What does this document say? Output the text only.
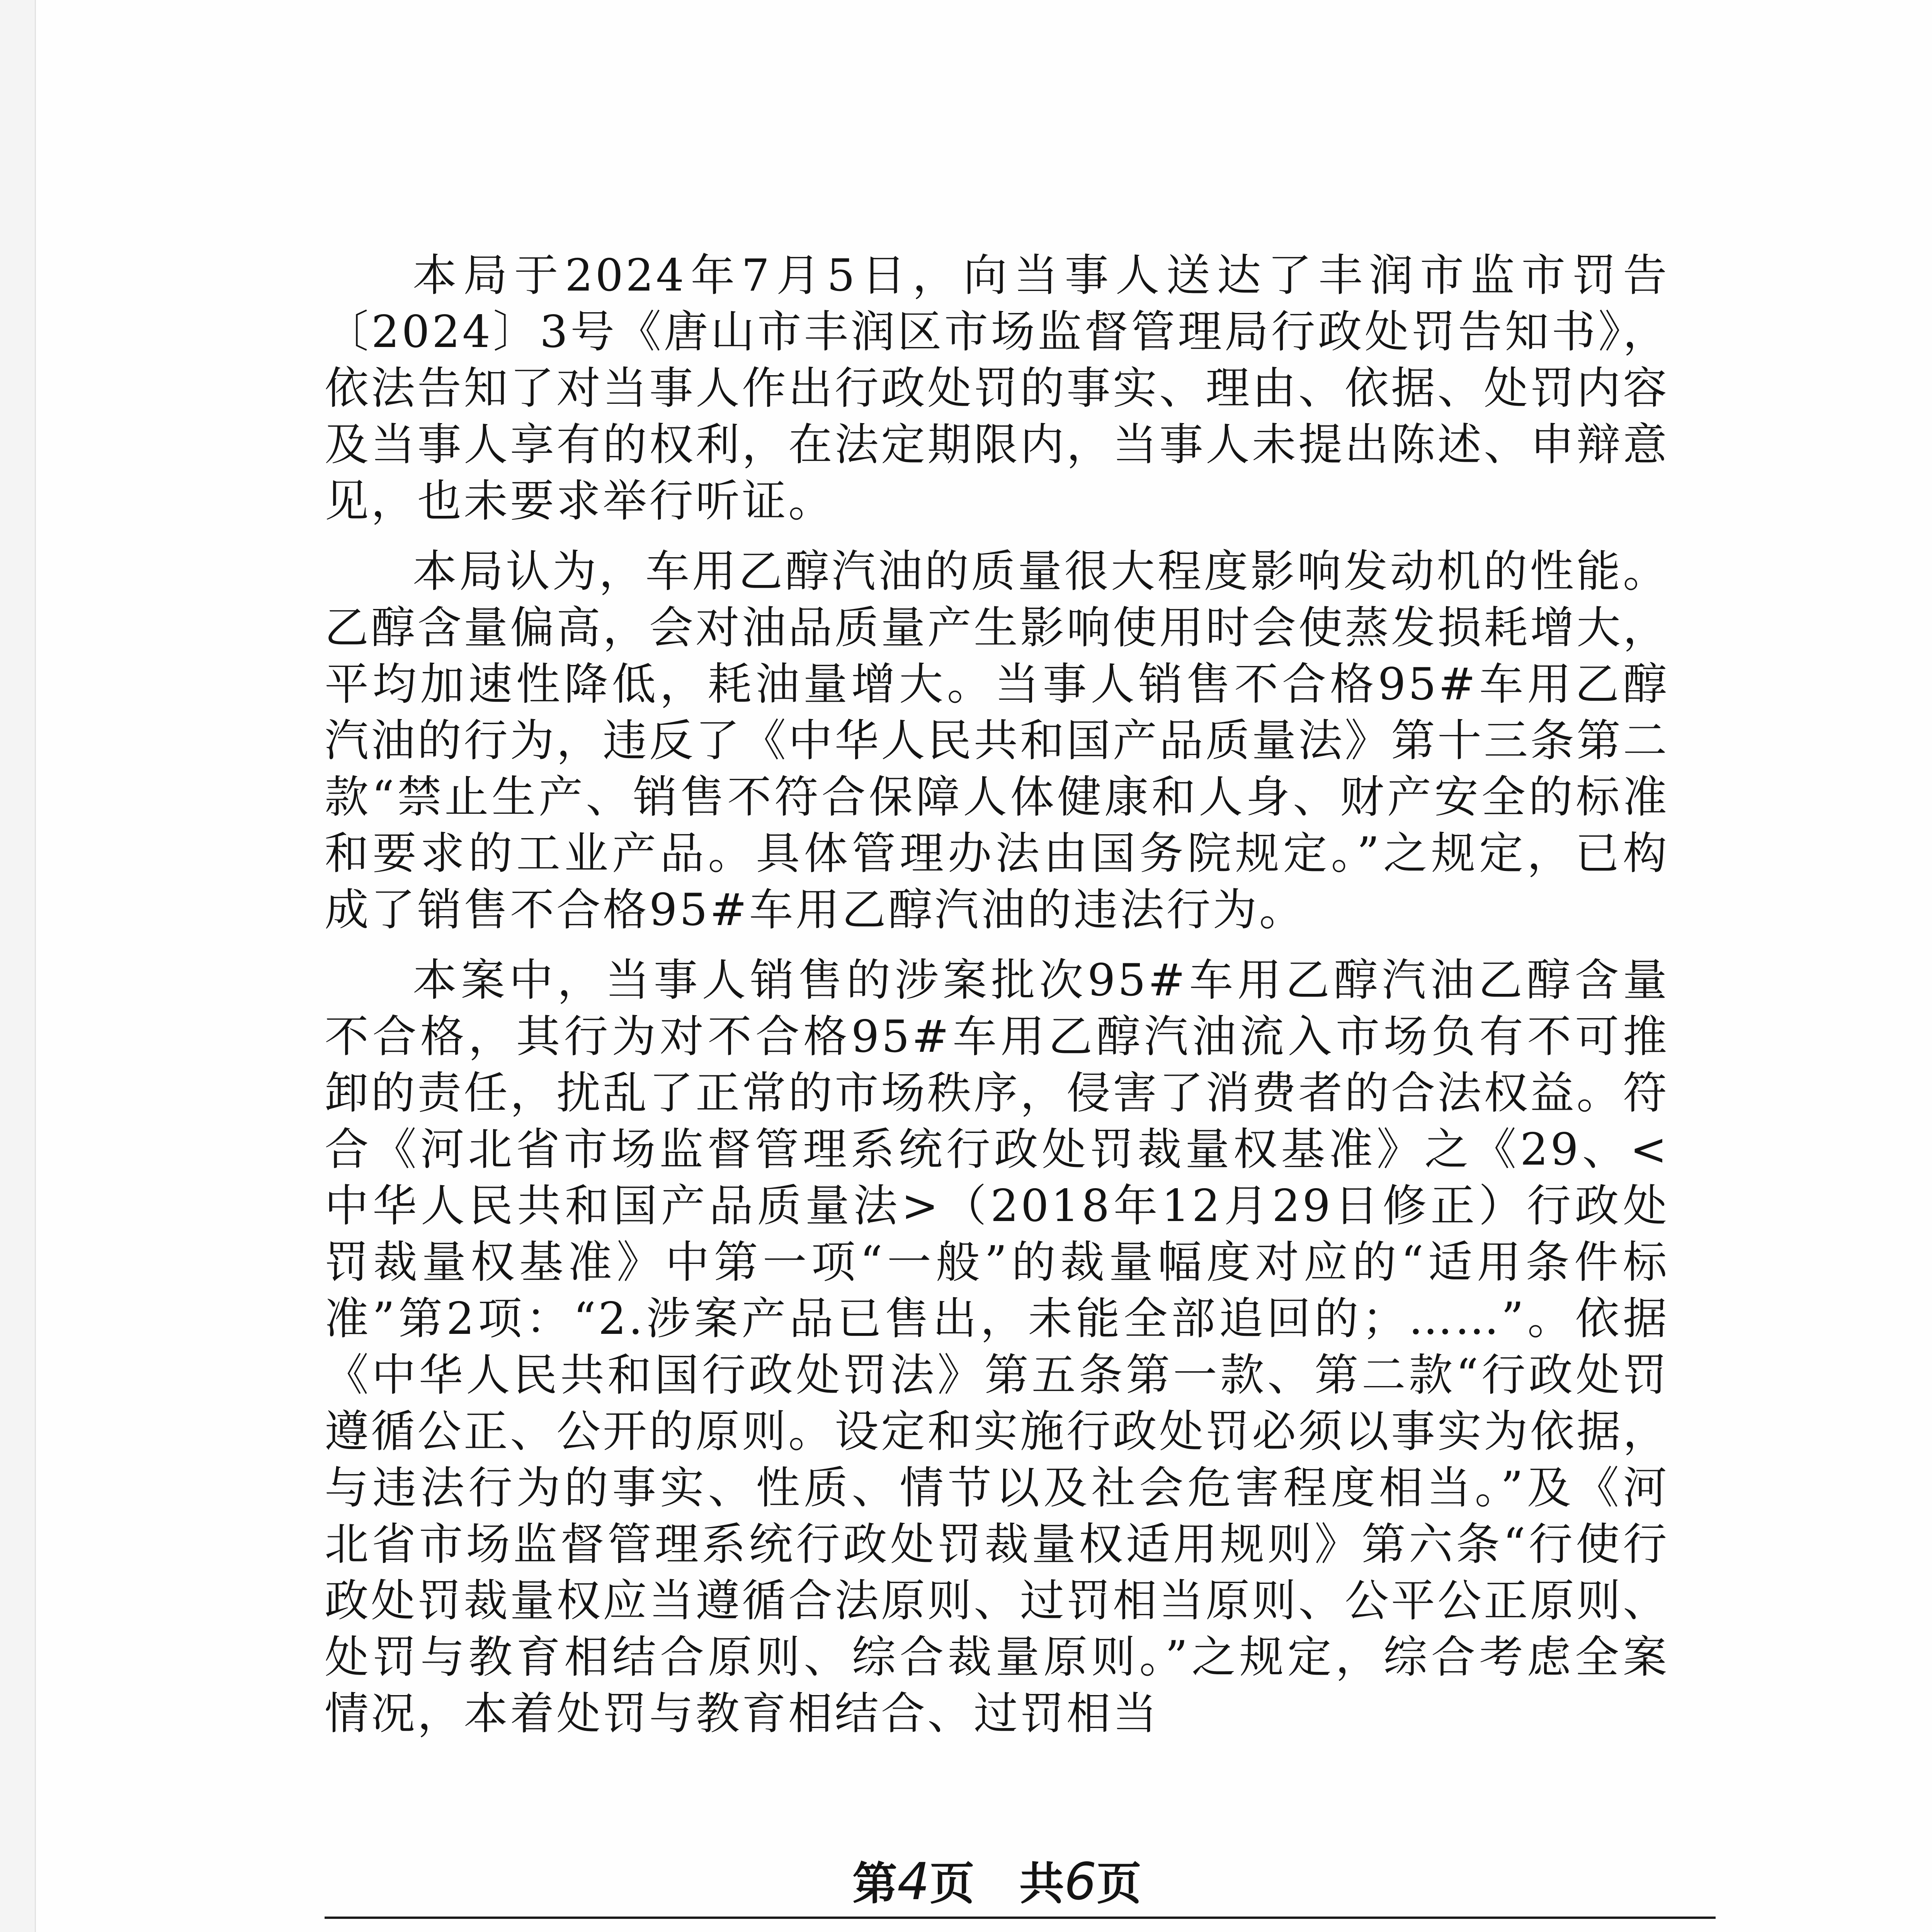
本局于2024年7月5日，向当事人送达了丰润市监市罚告〔2024〕3号《唐山市丰润区市场监督管理局行政处罚告知书》，依法告知了对当事人作出行政处罚的事实、理由、依据、处罚内容及当事人享有的权利，在法定期限内，当事人未提出陈述、申辩意见，也未要求举行听证。

本局认为，车用乙醇汽油的质量很大程度影响发动机的性能。乙醇含量偏高，会对油品质量产生影响使用时会使蒸发损耗增大，平均加速性降低，耗油量增大。当事人销售不合格95#车用乙醇汽油的行为，违反了《中华人民共和国产品质量法》第十三条第二款“禁止生产、销售不符合保障人体健康和人身、财产安全的标准和要求的工业产品。具体管理办法由国务院规定。”之规定，已构成了销售不合格95#车用乙醇汽油的违法行为。

本案中，当事人销售的涉案批次95#车用乙醇汽油乙醇含量不合格，其行为对不合格95#车用乙醇汽油流入市场负有不可推卸的责任，扰乱了正常的市场秩序，侵害了消费者的合法权益。符合《河北省市场监督管理系统行政处罚裁量权基准》之《29、<中华人民共和国产品质量法>（2018年12月29日修正）行政处罚裁量权基准》中第一项“一般”的裁量幅度对应的“适用条件标准”第2项：“2.涉案产品已售出，未能全部追回的；……”。依据《中华人民共和国行政处罚法》第五条第一款、第二款“行政处罚遵循公正、公开的原则。设定和实施行政处罚必须以事实为依据，与违法行为的事实、性质、情节以及社会危害程度相当。”及《河北省市场监督管理系统行政处罚裁量权适用规则》第六条“行使行政处罚裁量权应当遵循合法原则、过罚相当原则、公平公正原则、处罚与教育相结合原则、综合裁量原则。”之规定，综合考虑全案情况，本着处罚与教育相结合、过罚相当

第4页　共6页
